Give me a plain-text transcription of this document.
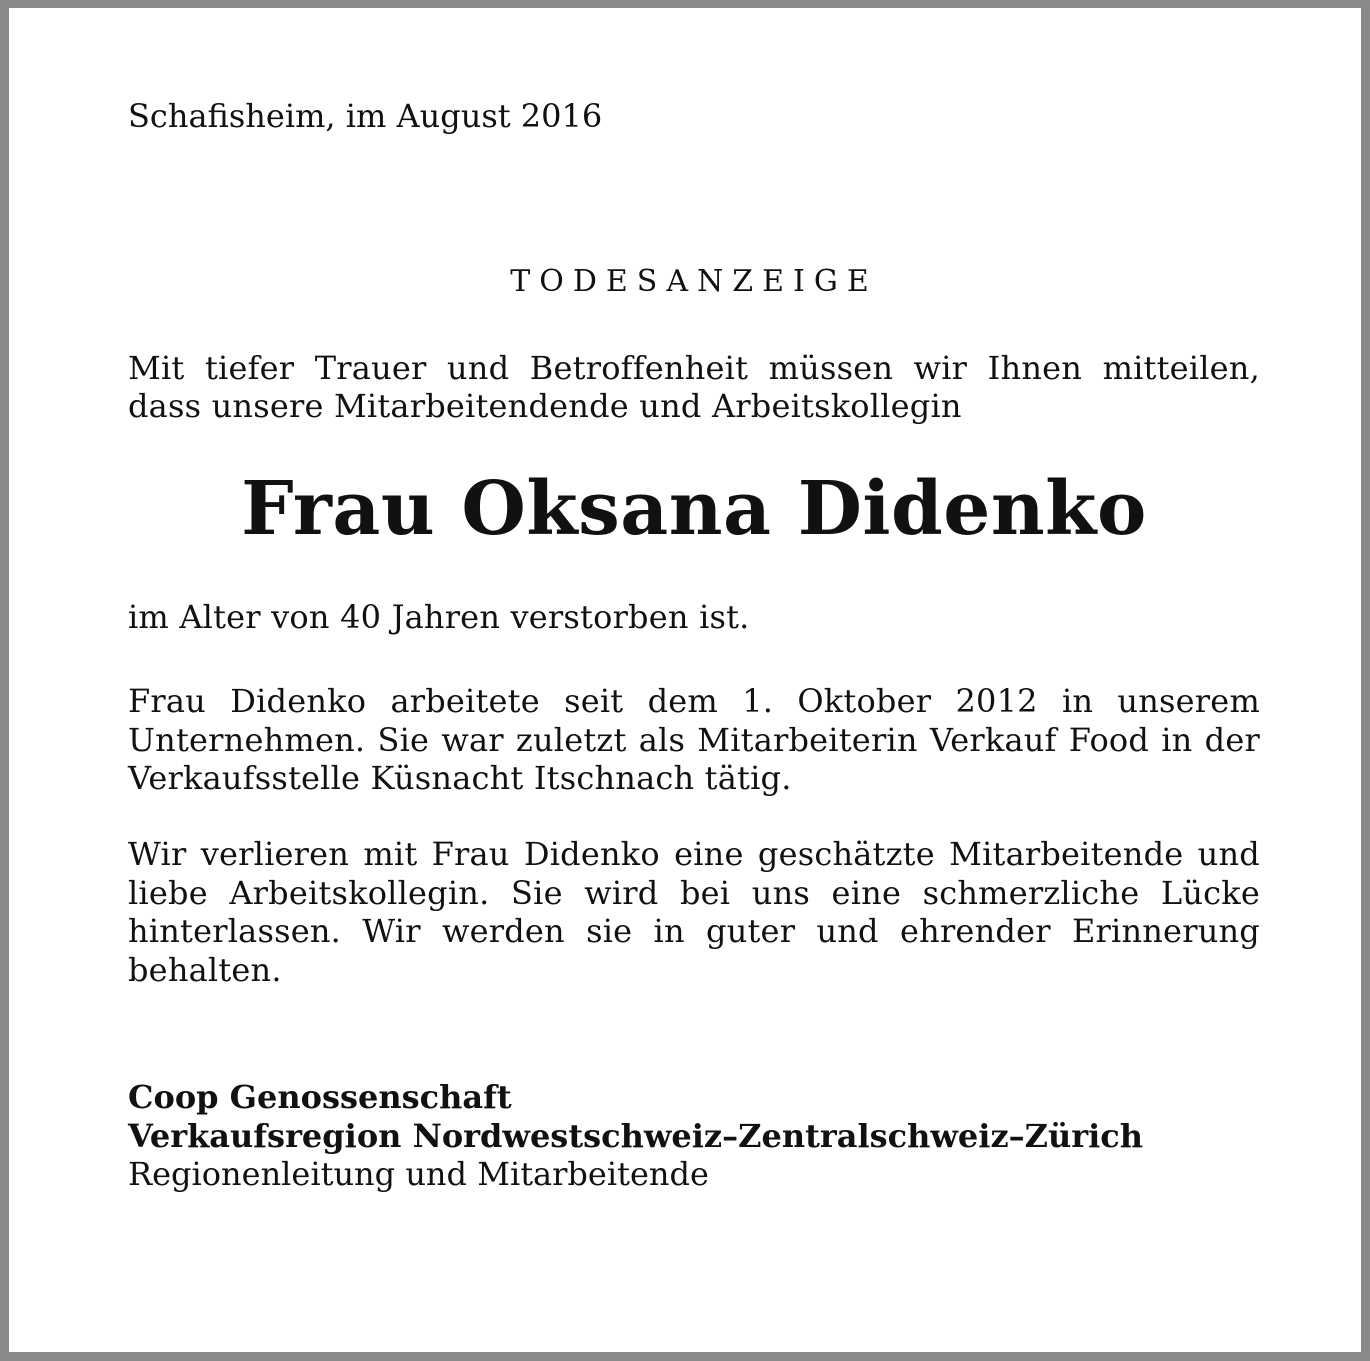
Schafisheim, im August 2016
TODESANZEIGE
Mit tiefer Trauer und Betroffenheit müssen wir Ihnen mitteilen,
dass unsere Mitarbeitendende und Arbeitskollegin
Frau Oksana Didenko
im Alter von 40 Jahren verstorben ist.
Frau Didenko arbeitete seit dem 1. Oktober 2012 in unserem
Unternehmen. Sie war zuletzt als Mitarbeiterin Verkauf Food in der
Verkaufsstelle Küsnacht Itschnach tätig.
Wir verlieren mit Frau Didenko eine geschätzte Mitarbeitende und
liebe Arbeitskollegin. Sie wird bei uns eine schmerzliche Lücke
hinterlassen. Wir werden sie in guter und ehrender Erinnerung
behalten.
Coop Genossenschaft
Verkaufsregion Nordwestschweiz–Zentralschweiz–Zürich
Regionenleitung und Mitarbeitende
